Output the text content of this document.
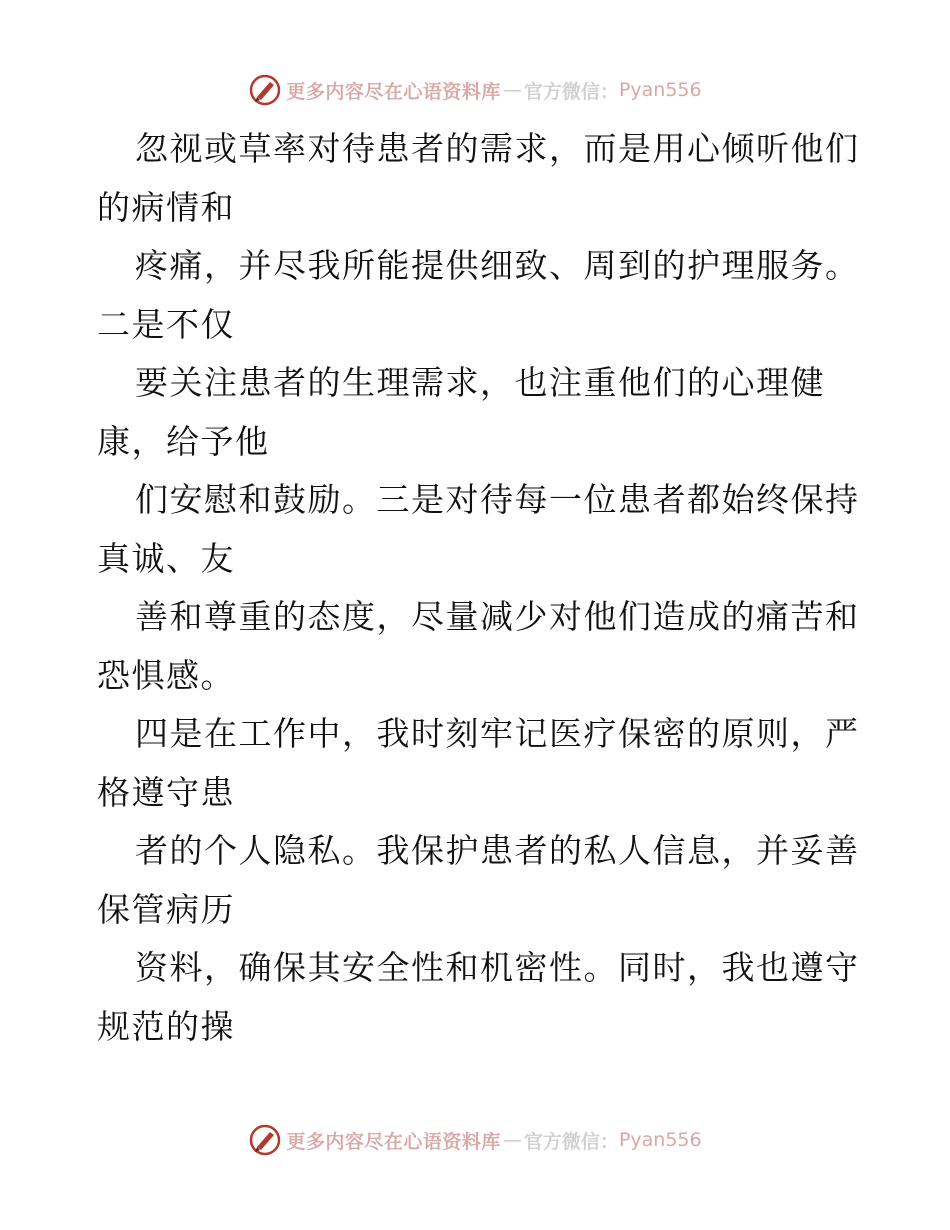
更多内容尽在心语资料库 — 官方微信： Pyan556
忽视或草率对待患者的需求，而是用心倾听他们
的病情和
疼痛，并尽我所能提供细致、周到的护理服务。
二是不仅
要关注患者的生理需求，也注重他们的心理健
康，给予他
们安慰和鼓励。三是对待每一位患者都始终保持
真诚、友
善和尊重的态度，尽量减少对他们造成的痛苦和
恐惧感。
四是在工作中，我时刻牢记医疗保密的原则，严
格遵守患
者的个人隐私。我保护患者的私人信息，并妥善
保管病历
资料，确保其安全性和机密性。同时，我也遵守
规范的操
更多内容尽在心语资料库 — 官方微信： Pyan556
